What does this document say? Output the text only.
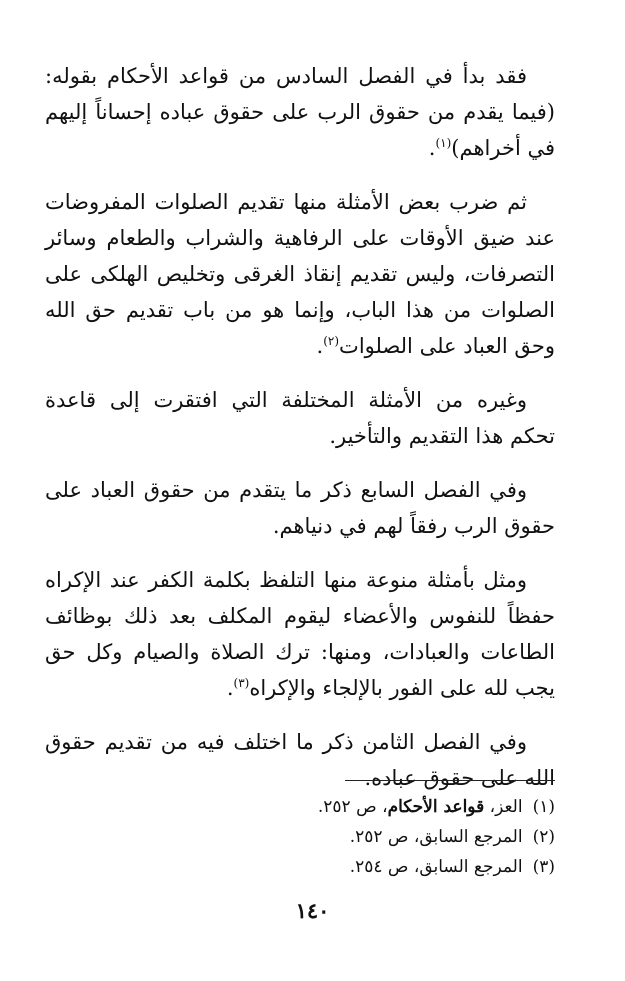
فقد بدأ في الفصل السادس من قواعد الأحكام بقوله: (فيما يقدم من حقوق الرب على حقوق عباده إحساناً إليهم في أخراهم)$^{(١)}$.

ثم ضرب بعض الأمثلة منها تقديم الصلوات المفروضات عند ضيق الأوقات على الرفاهية والشراب والطعام وسائر التصرفات، وليس تقديم إنقاذ الغرقى وتخليص الهلكى على الصلوات من هذا الباب، وإنما هو من باب تقديم حق الله وحق العباد على الصلوات$^{(٢)}$.

وغيره من الأمثلة المختلفة التي افتقرت إلى قاعدة تحكم هذا التقديم والتأخير.

وفي الفصل السابع ذكر ما يتقدم من حقوق العباد على حقوق الرب رفقاً لهم في دنياهم.

ومثل بأمثلة منوعة منها التلفظ بكلمة الكفر عند الإكراه حفظاً للنفوس والأعضاء ليقوم المكلف بعد ذلك بوظائف الطاعات والعبادات، ومنها: ترك الصلاة والصيام وكل حق يجب لله على الفور بالإلجاء والإكراه$^{(٣)}$.

وفي الفصل الثامن ذكر ما اختلف فيه من تقديم حقوق الله على حقوق عباده.

(١)العز، قواعد الأحكام، ص ٢٥٢.

(٢)المرجع السابق، ص ٢٥٢.

(٣)المرجع السابق، ص ٢٥٤.

١٤٠
